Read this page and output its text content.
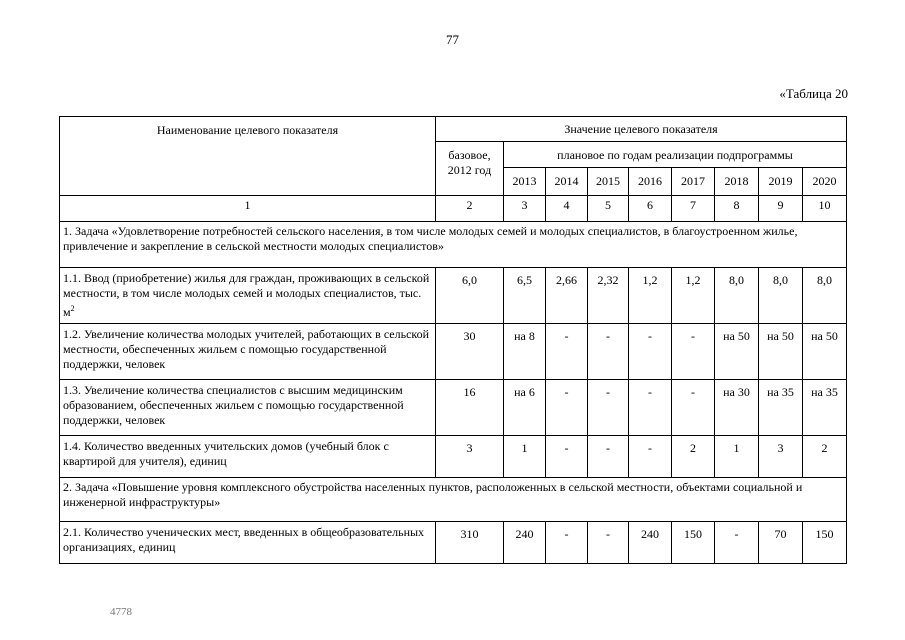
77
«Таблица 20
Наименование целевого показателя	Значение целевого показателя								
	базовое, 2012 год	плановое по годам реализации подпрограммы							
		2013	2014	2015	2016	2017	2018	2019	2020
1	2	3	4	5	6	7	8	9	10
1. Задача «Удовлетворение потребностей сельского населения, в том числе молодых семей и молодых специалистов, в благоустроенном жилье, привлечение и закрепление в сельской местности молодых специалистов»									
1.1. Ввод (приобретение) жилья для граждан, проживающих в сельской местности, в том числе молодых семей и молодых специалистов, тыс. $м^2$	6,0	6,5	2,66	2,32	1,2	1,2	8,0	8,0	8,0
1.2. Увеличение количества молодых учителей, работающих в сельской местности, обеспеченных жильем с помощью государственной поддержки, человек	30	на 8	-	-	-	-	на 50	на 50	на 50
1.3. Увеличение количества специалистов с высшим медицинским образованием, обеспеченных жильем с помощью государственной поддержки, человек	16	на 6	-	-	-	-	на 30	на 35	на 35
1.4. Количество введенных учительских домов (учебный блок с квартирой для учителя), единиц	3	1	-	-	-	2	1	3	2
2. Задача «Повышение уровня комплексного обустройства населенных пунктов, расположенных в сельской местности, объектами социальной и инженерной инфраструктуры»									
2.1. Количество ученических мест, введенных в общеобразовательных организациях, единиц	310	240	-	-	240	150	-	70	150
4778
